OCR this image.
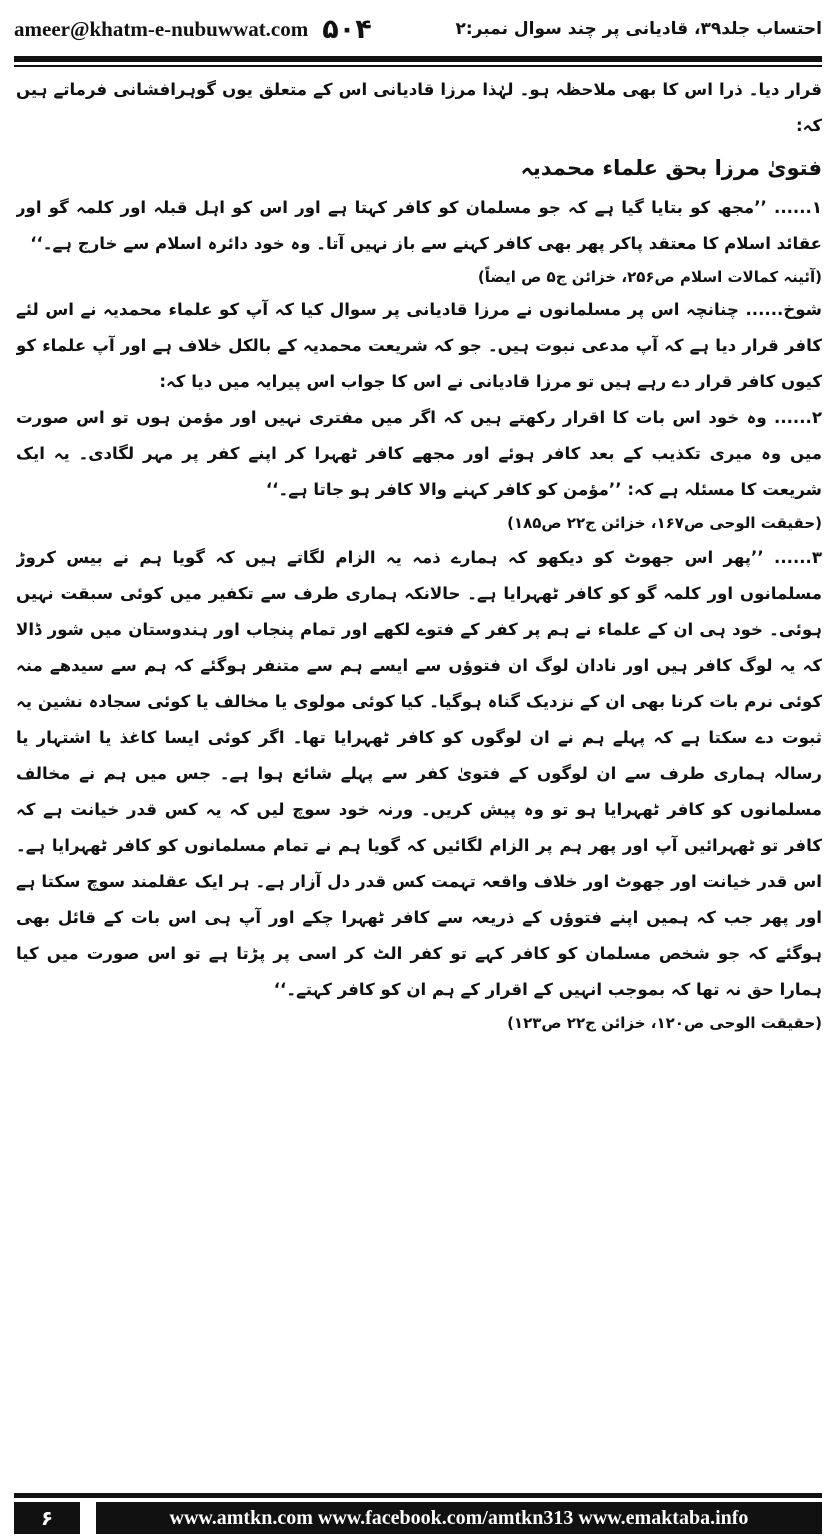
ameer@khatm-e-nubuwwat.com ۵۰۴	احتساب جلد۳۹، قادیانی پر چند سوال نمبر:۲

قرار دیا۔ ذرا اس کا بھی ملاحظہ ہو۔ لہٰذا مرزا قادیانی اس کے متعلق یوں گوہرافشانی فرماتے ہیں کہ:

فتویٰ مرزا بحق علماء محمدیہ

۱...... ’’مجھ کو بتایا گیا ہے کہ جو مسلمان کو کافر کہتا ہے اور اس کو اہل قبلہ اور کلمہ گو اور عقائد اسلام کا معتقد پاکر پھر بھی کافر کہنے سے باز نہیں آتا۔ وہ خود دائرہ اسلام سے خارج ہے۔‘‘

(آئینہ کمالات اسلام ص۲۵۶، خزائن ج۵ ص ایضاً)

شوخ...... چنانچہ اس پر مسلمانوں نے مرزا قادیانی پر سوال کیا کہ آپ کو علماء محمدیہ نے اس لئے کافر قرار دیا ہے کہ آپ مدعی نبوت ہیں۔ جو کہ شریعت محمدیہ کے بالکل خلاف ہے اور آپ علماء کو کیوں کافر قرار دے رہے ہیں تو مرزا قادیانی نے اس کا جواب اس پیرایہ میں دیا کہ:

۲...... وہ خود اس بات کا اقرار رکھتے ہیں کہ اگر میں مفتری نہیں اور مؤمن ہوں تو اس صورت میں وہ میری تکذیب کے بعد کافر ہوئے اور مجھے کافر ٹھہرا کر اپنے کفر پر مہر لگادی۔ یہ ایک شریعت کا مسئلہ ہے کہ: ’’مؤمن کو کافر کہنے والا کافر ہو جاتا ہے۔‘‘

(حقیقت الوحی ص۱۶۷، خزائن ج۲۲ ص۱۸۵)

۳...... ’’پھر اس جھوٹ کو دیکھو کہ ہمارے ذمہ یہ الزام لگاتے ہیں کہ گویا ہم نے بیس کروڑ مسلمانوں اور کلمہ گو کو کافر ٹھہرایا ہے۔ حالانکہ ہماری طرف سے تکفیر میں کوئی سبقت نہیں ہوئی۔ خود ہی ان کے علماء نے ہم پر کفر کے فتوے لکھے اور تمام پنجاب اور ہندوستان میں شور ڈالا کہ یہ لوگ کافر ہیں اور نادان لوگ ان فتوؤں سے ایسے ہم سے متنفر ہوگئے کہ ہم سے سیدھے منہ کوئی نرم بات کرنا بھی ان کے نزدیک گناہ ہوگیا۔ کیا کوئی مولوی یا مخالف یا کوئی سجادہ نشین یہ ثبوت دے سکتا ہے کہ پہلے ہم نے ان لوگوں کو کافر ٹھہرایا تھا۔ اگر کوئی ایسا کاغذ یا اشتہار یا رسالہ ہماری طرف سے ان لوگوں کے فتویٰ کفر سے پہلے شائع ہوا ہے۔ جس میں ہم نے مخالف مسلمانوں کو کافر ٹھہرایا ہو تو وہ پیش کریں۔ ورنہ خود سوچ لیں کہ یہ کس قدر خیانت ہے کہ کافر تو ٹھہرائیں آپ اور پھر ہم پر الزام لگائیں کہ گویا ہم نے تمام مسلمانوں کو کافر ٹھہرایا ہے۔ اس قدر خیانت اور جھوٹ اور خلاف واقعہ تہمت کس قدر دل آزار ہے۔ ہر ایک عقلمند سوچ سکتا ہے اور پھر جب کہ ہمیں اپنے فتوؤں کے ذریعہ سے کافر ٹھہرا چکے اور آپ ہی اس بات کے قائل بھی ہوگئے کہ جو شخص مسلمان کو کافر کہے تو کفر الٹ کر اسی پر پڑتا ہے تو اس صورت میں کیا ہمارا حق نہ تھا کہ بموجب انہیں کے اقرار کے ہم ان کو کافر کہتے۔‘‘

(حقیقت الوحی ص۱۲۰، خزائن ج۲۲ ص۱۲۳)

۶	www.amtkn.com www.facebook.com/amtkn313 www.emaktaba.info
